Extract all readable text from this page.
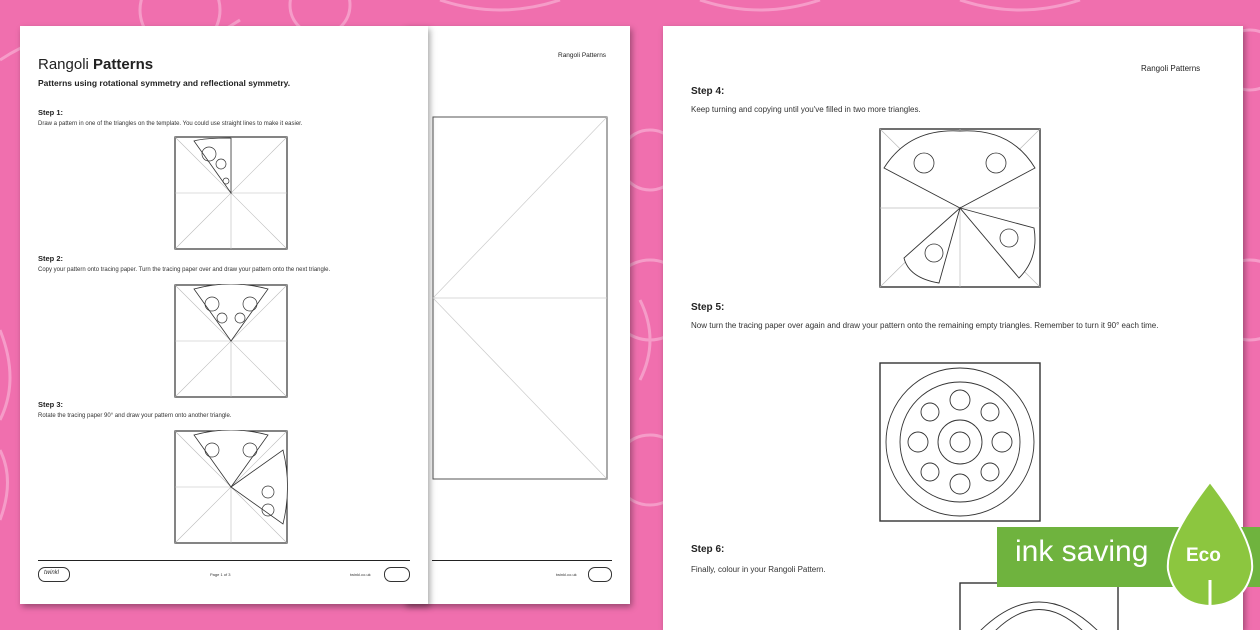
Rangoli Patterns
Patterns using rotational symmetry and reflectional symmetry.
Step 1:
Draw a pattern in one of the triangles on the template. You could use straight lines to make it easier.
Step 2:
Copy your pattern onto tracing paper. Turn the tracing paper over and draw your pattern onto the next triangle.
Step 3:
Rotate the tracing paper 90° and draw your pattern onto another triangle.
twinkl	Page 1 of 3	twinkl.co.uk
Rangoli Patterns
twinkl.co.uk
Rangoli Patterns
Step 4:
Keep turning and copying until you've filled in two more triangles.
Step 5:
Now turn the tracing paper over again and draw your pattern onto the remaining empty triangles. Remember to turn it 90° each time.
Step 6:
Finally, colour in your Rangoli Pattern.
ink saving Eco
